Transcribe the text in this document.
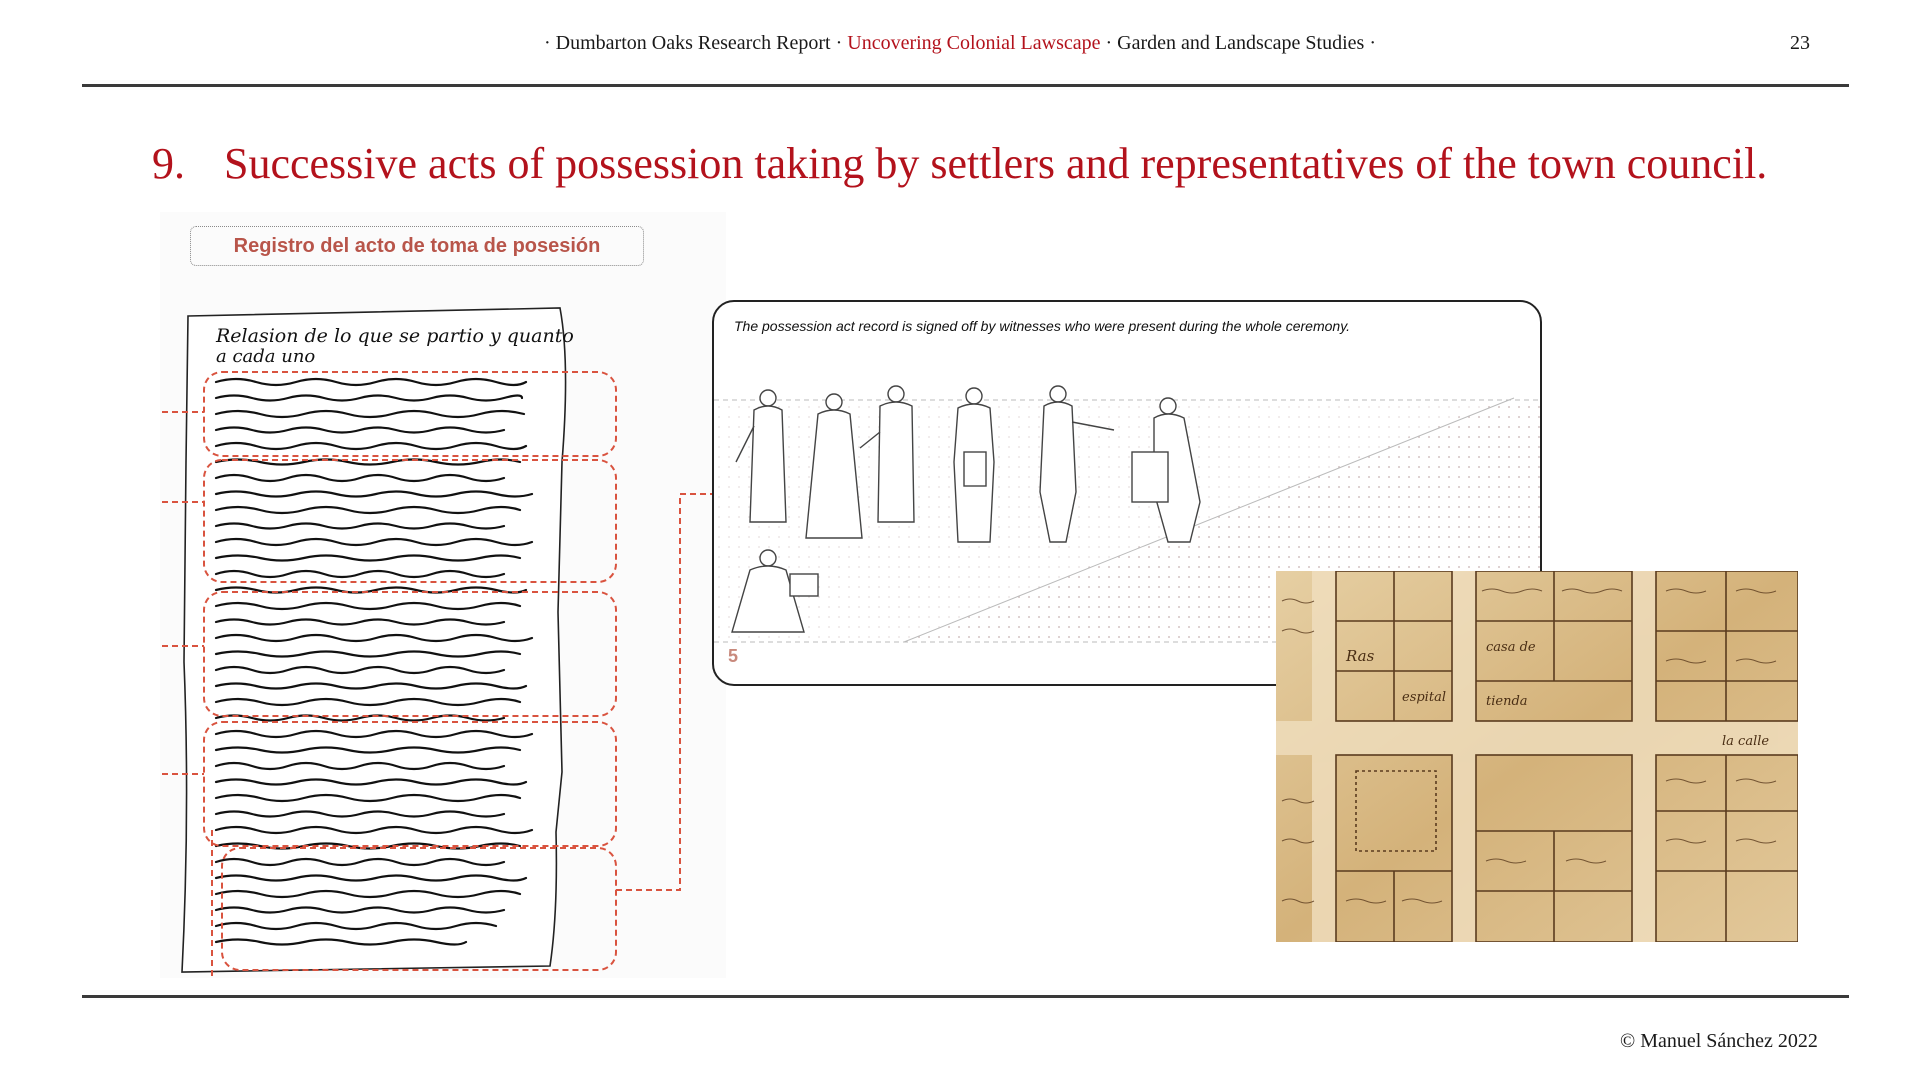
· Dumbarton Oaks Research Report · Uncovering Colonial Lawscape · Garden and Landscape Studies ·	23
9. Successive acts of possession taking by settlers and representatives of the town council.
Registro del acto de toma de posesión
Relasion de lo que se partio y quanto
a cada uno
The possession act record is signed off by witnesses who were present during the whole ceremony.
5	Ras	casa de
espital	tienda
la calle
© Manuel Sánchez 2022
